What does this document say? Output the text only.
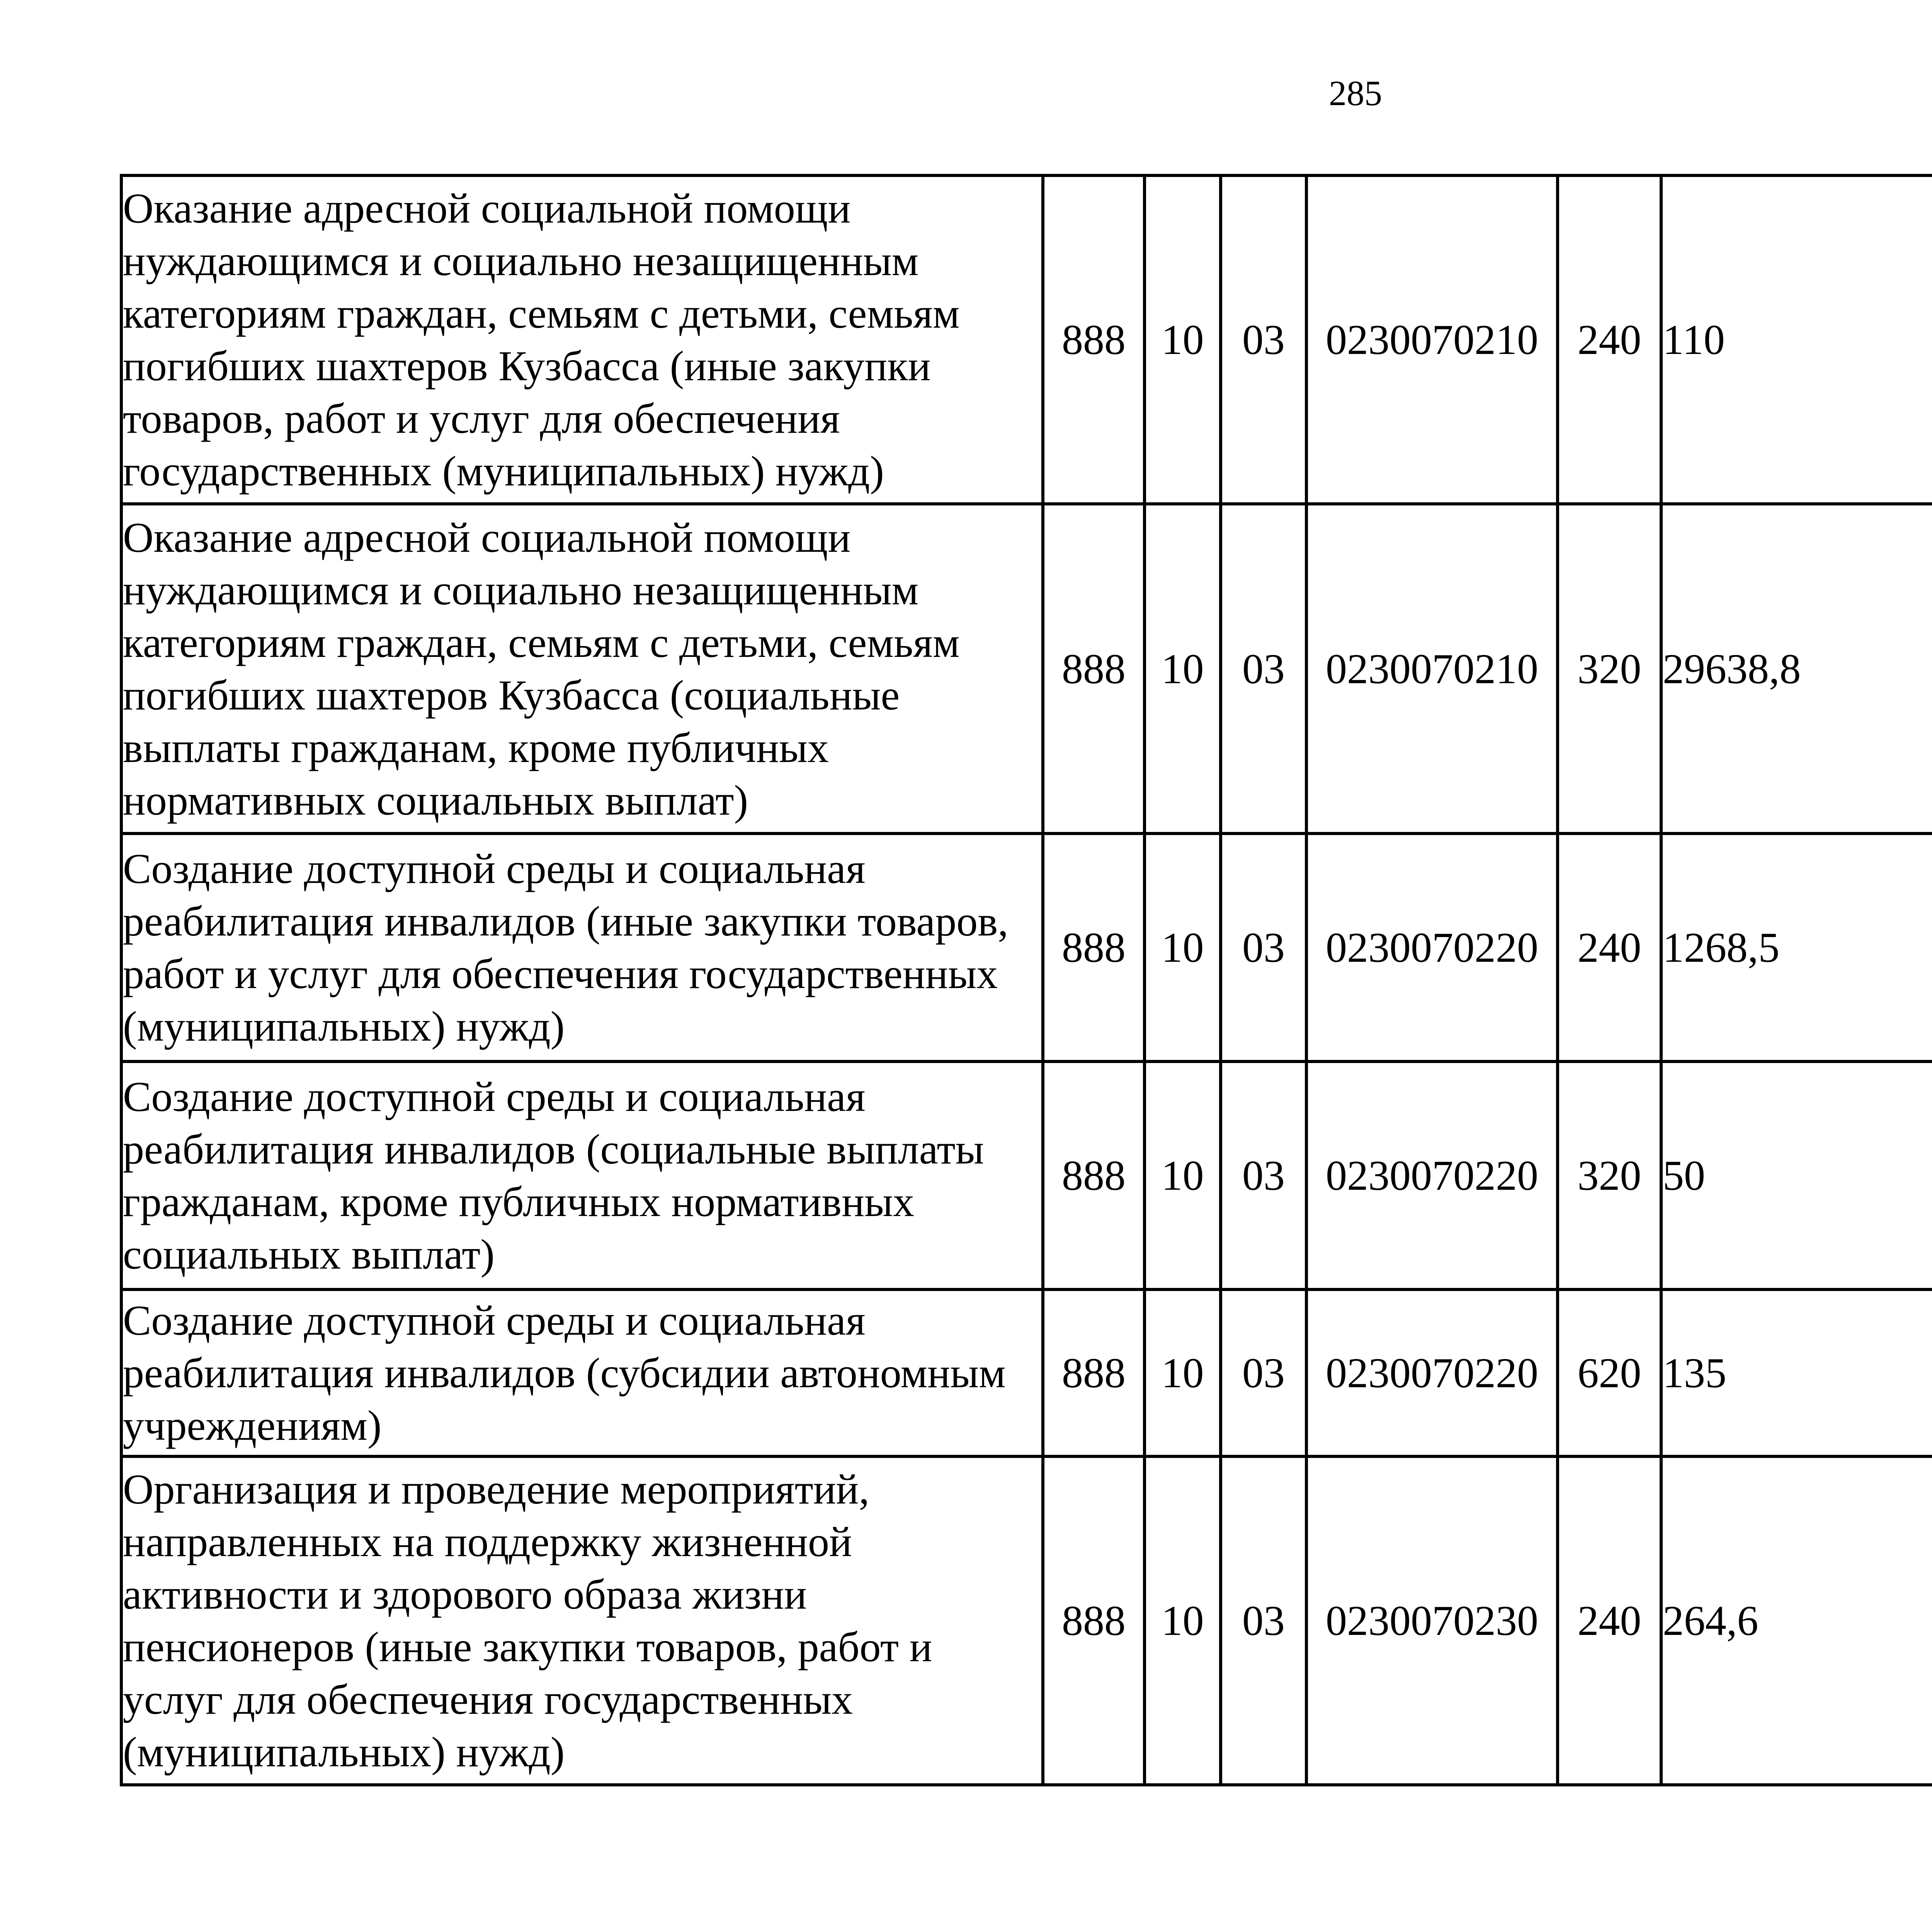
285
Оказание адресной социальной помощи нуждающимся и социально незащищенным категориям граждан, семьям с детьми, семьям погибших шахтеров Кузбасса (иные закупки товаров, работ и услуг для обеспечения государственных (муниципальных) нужд)	888	10	03	0230070210	240	110		
Оказание адресной социальной помощи нуждающимся и социально незащищенным категориям граждан, семьям с детьми, семьям погибших шахтеров Кузбасса (социальные выплаты гражданам, кроме публичных нормативных социальных выплат)	888	10	03	0230070210	320	29638,8		
Создание доступной среды и социальная реабилитация инвалидов (иные закупки товаров, работ и услуг для обеспечения государственных (муниципальных) нужд)	888	10	03	0230070220	240	1268,5		
Создание доступной среды и социальная реабилитация инвалидов (социальные выплаты гражданам, кроме публичных нормативных социальных выплат)	888	10	03	0230070220	320	50		
Создание доступной среды и социальная реабилитация инвалидов (субсидии автономным учреждениям)	888	10	03	0230070220	620	135		
Организация и проведение мероприятий, направленных на поддержку жизненной активности и здорового образа жизни пенсионеров (иные закупки товаров, работ и услуг для обеспечения государственных (муниципальных) нужд)	888	10	03	0230070230	240	264,6		
